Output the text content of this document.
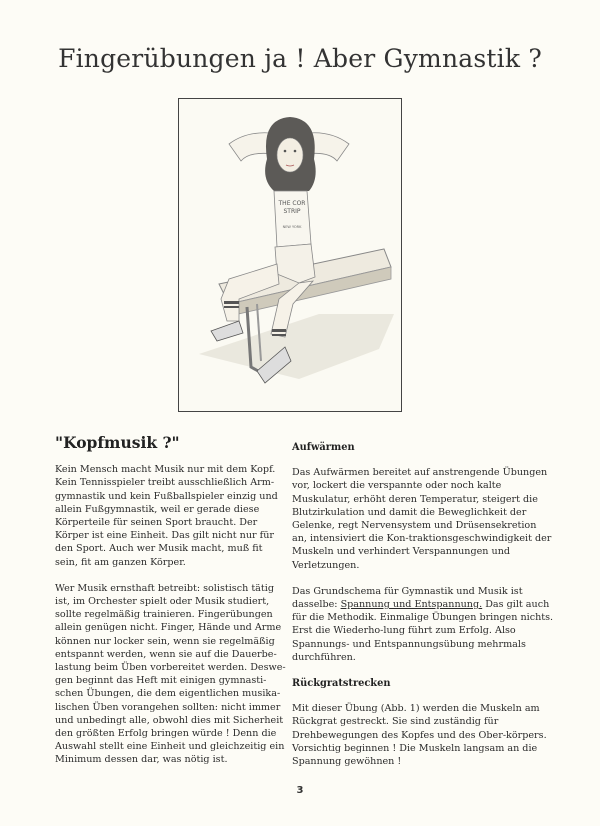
Fingerübungen ja ! Aber Gymnastik ?
THE COR
STRIP
NEW YORK
"Kopfmusik ?"

Kein Mensch macht Musik nur mit dem Kopf. Kein Tennisspieler treibt ausschließlich Arm-gymnastik und kein Fußballspieler einzig und allein Fußgymnastik, weil er gerade diese Körperteile für seinen Sport braucht. Der Körper ist eine Einheit. Das gilt nicht nur für den Sport. Auch wer Musik macht, muß fit sein, fit am ganzen Körper.

Wer Musik ernsthaft betreibt: solistisch tätig ist, im Orchester spielt oder Musik studiert, sollte regelmäßig trainieren. Fingerübungen allein genügen nicht. Finger, Hände und Arme können nur locker sein, wenn sie regelmäßig entspannt werden, wenn sie auf die Dauerbe-lastung beim Üben vorbereitet werden. Deswe-gen beginnt das Heft mit einigen gymnasti-schen Übungen, die dem eigentlichen musika-lischen Üben vorangehen sollten: nicht immer und unbedingt alle, obwohl dies mit Sicherheit den größten Erfolg bringen würde ! Denn die Auswahl stellt eine Einheit und gleichzeitig ein Minimum dessen dar, was nötig ist.

Aufwärmen

Das Aufwärmen bereitet auf anstrengende Übungen vor, lockert die verspannte oder noch kalte Muskulatur, erhöht deren Temperatur, steigert die Blutzirkulation und damit die Beweglichkeit der Gelenke, regt Nervensystem und Drüsensekretion an, intensiviert die Kon-traktionsgeschwindigkeit der Muskeln und verhindert Verspannungen und Verletzungen.

Das Grundschema für Gymnastik und Musik ist dasselbe: Spannung und Entspannung. Das gilt auch für die Methodik. Einmalige Übungen bringen nichts. Erst die Wiederho-lung führt zum Erfolg. Also Spannungs- und Entspannungsübung mehrmals durchführen.

Rückgratstrecken

Mit dieser Übung (Abb. 1) werden die Muskeln am Rückgrat gestreckt. Sie sind zuständig für Drehbewegungen des Kopfes und des Ober-körpers. Vorsichtig beginnen ! Die Muskeln langsam an die Spannung gewöhnen !

3
